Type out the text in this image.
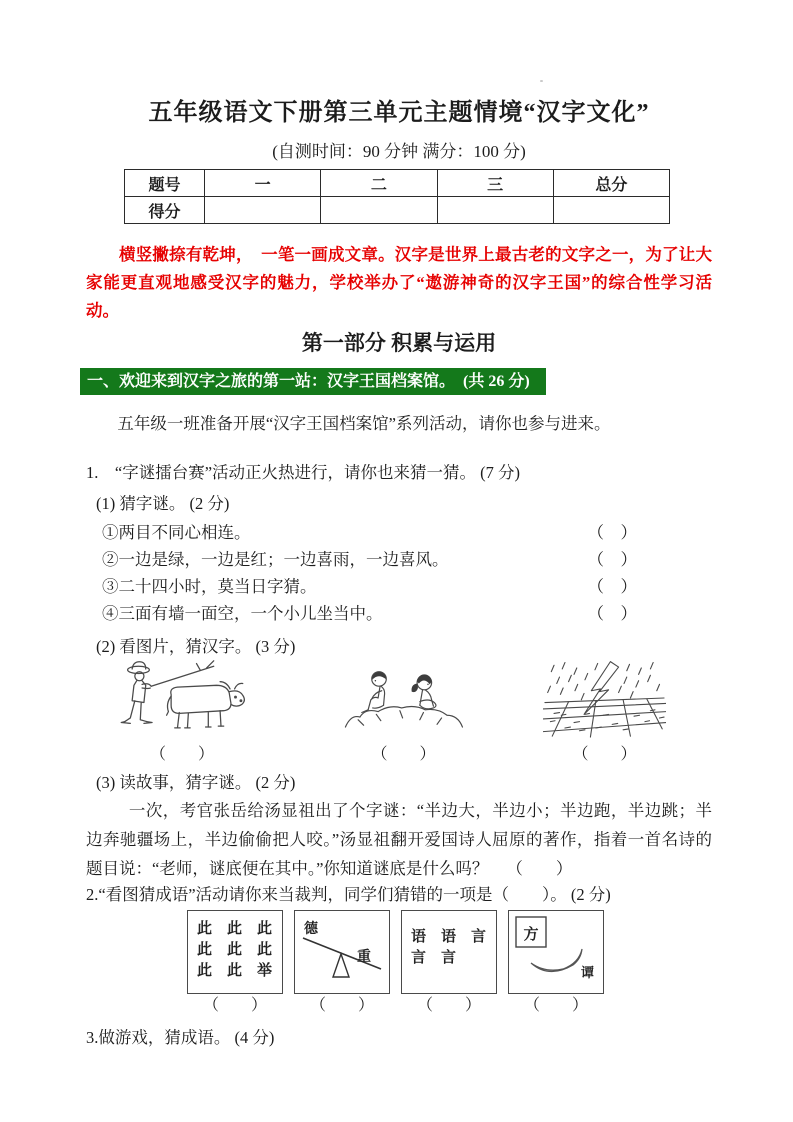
五年级语文下册第三单元主题情境“汉字文化”
(自测时间：90 分钟 满分：100 分)
题号	一	二	三	总分
得分				
横竖撇捺有乾坤，　一笔一画成文章。汉字是世界上最古老的文字之一，为了让大家能更直观地感受汉字的魅力，学校举办了“遨游神奇的汉字王国”的综合性学习活动。
第一部分 积累与运用
一、欢迎来到汉字之旅的第一站：汉字王国档案馆。　(共 26 分)
五年级一班准备开展“汉字王国档案馆”系列活动，请你也参与进来。
1.　“字谜擂台赛”活动正火热进行，请你也来猜一猜。 (7 分)
(1) 猜字谜。 (2 分)
①两目不同心相连。	（　）
②一边是绿，一边是红；一边喜雨，一边喜风。	（　）
③二十四小时，莫当日字猜。	（　）
④三面有墙一面空，一个小儿坐当中。	（　）
(2) 看图片，猜汉字。 (3 分)
（　　）	（　　）	（　　）
(3) 读故事，猜字谜。 (2 分)
一次，考官张岳给汤显祖出了个字谜：“半边大，半边小；半边跑，半边跳；半边奔驰疆场上，半边偷偷把人咬。”汤显祖翻开爱国诗人屈原的著作，指着一首名诗的题目说：“老师，谜底便在其中。”你知道谜底是什么吗？ （　　）
2.“看图猜成语”活动请你来当裁判，同学们猜错的一项是（　　）。 (2 分)
此　此　此
此　此　此
此　此　举
德
重
语　语　言
言　言
方
谭
（　　）	（　　）	（　　）	（　　）
3.做游戏，猜成语。 (4 分)
